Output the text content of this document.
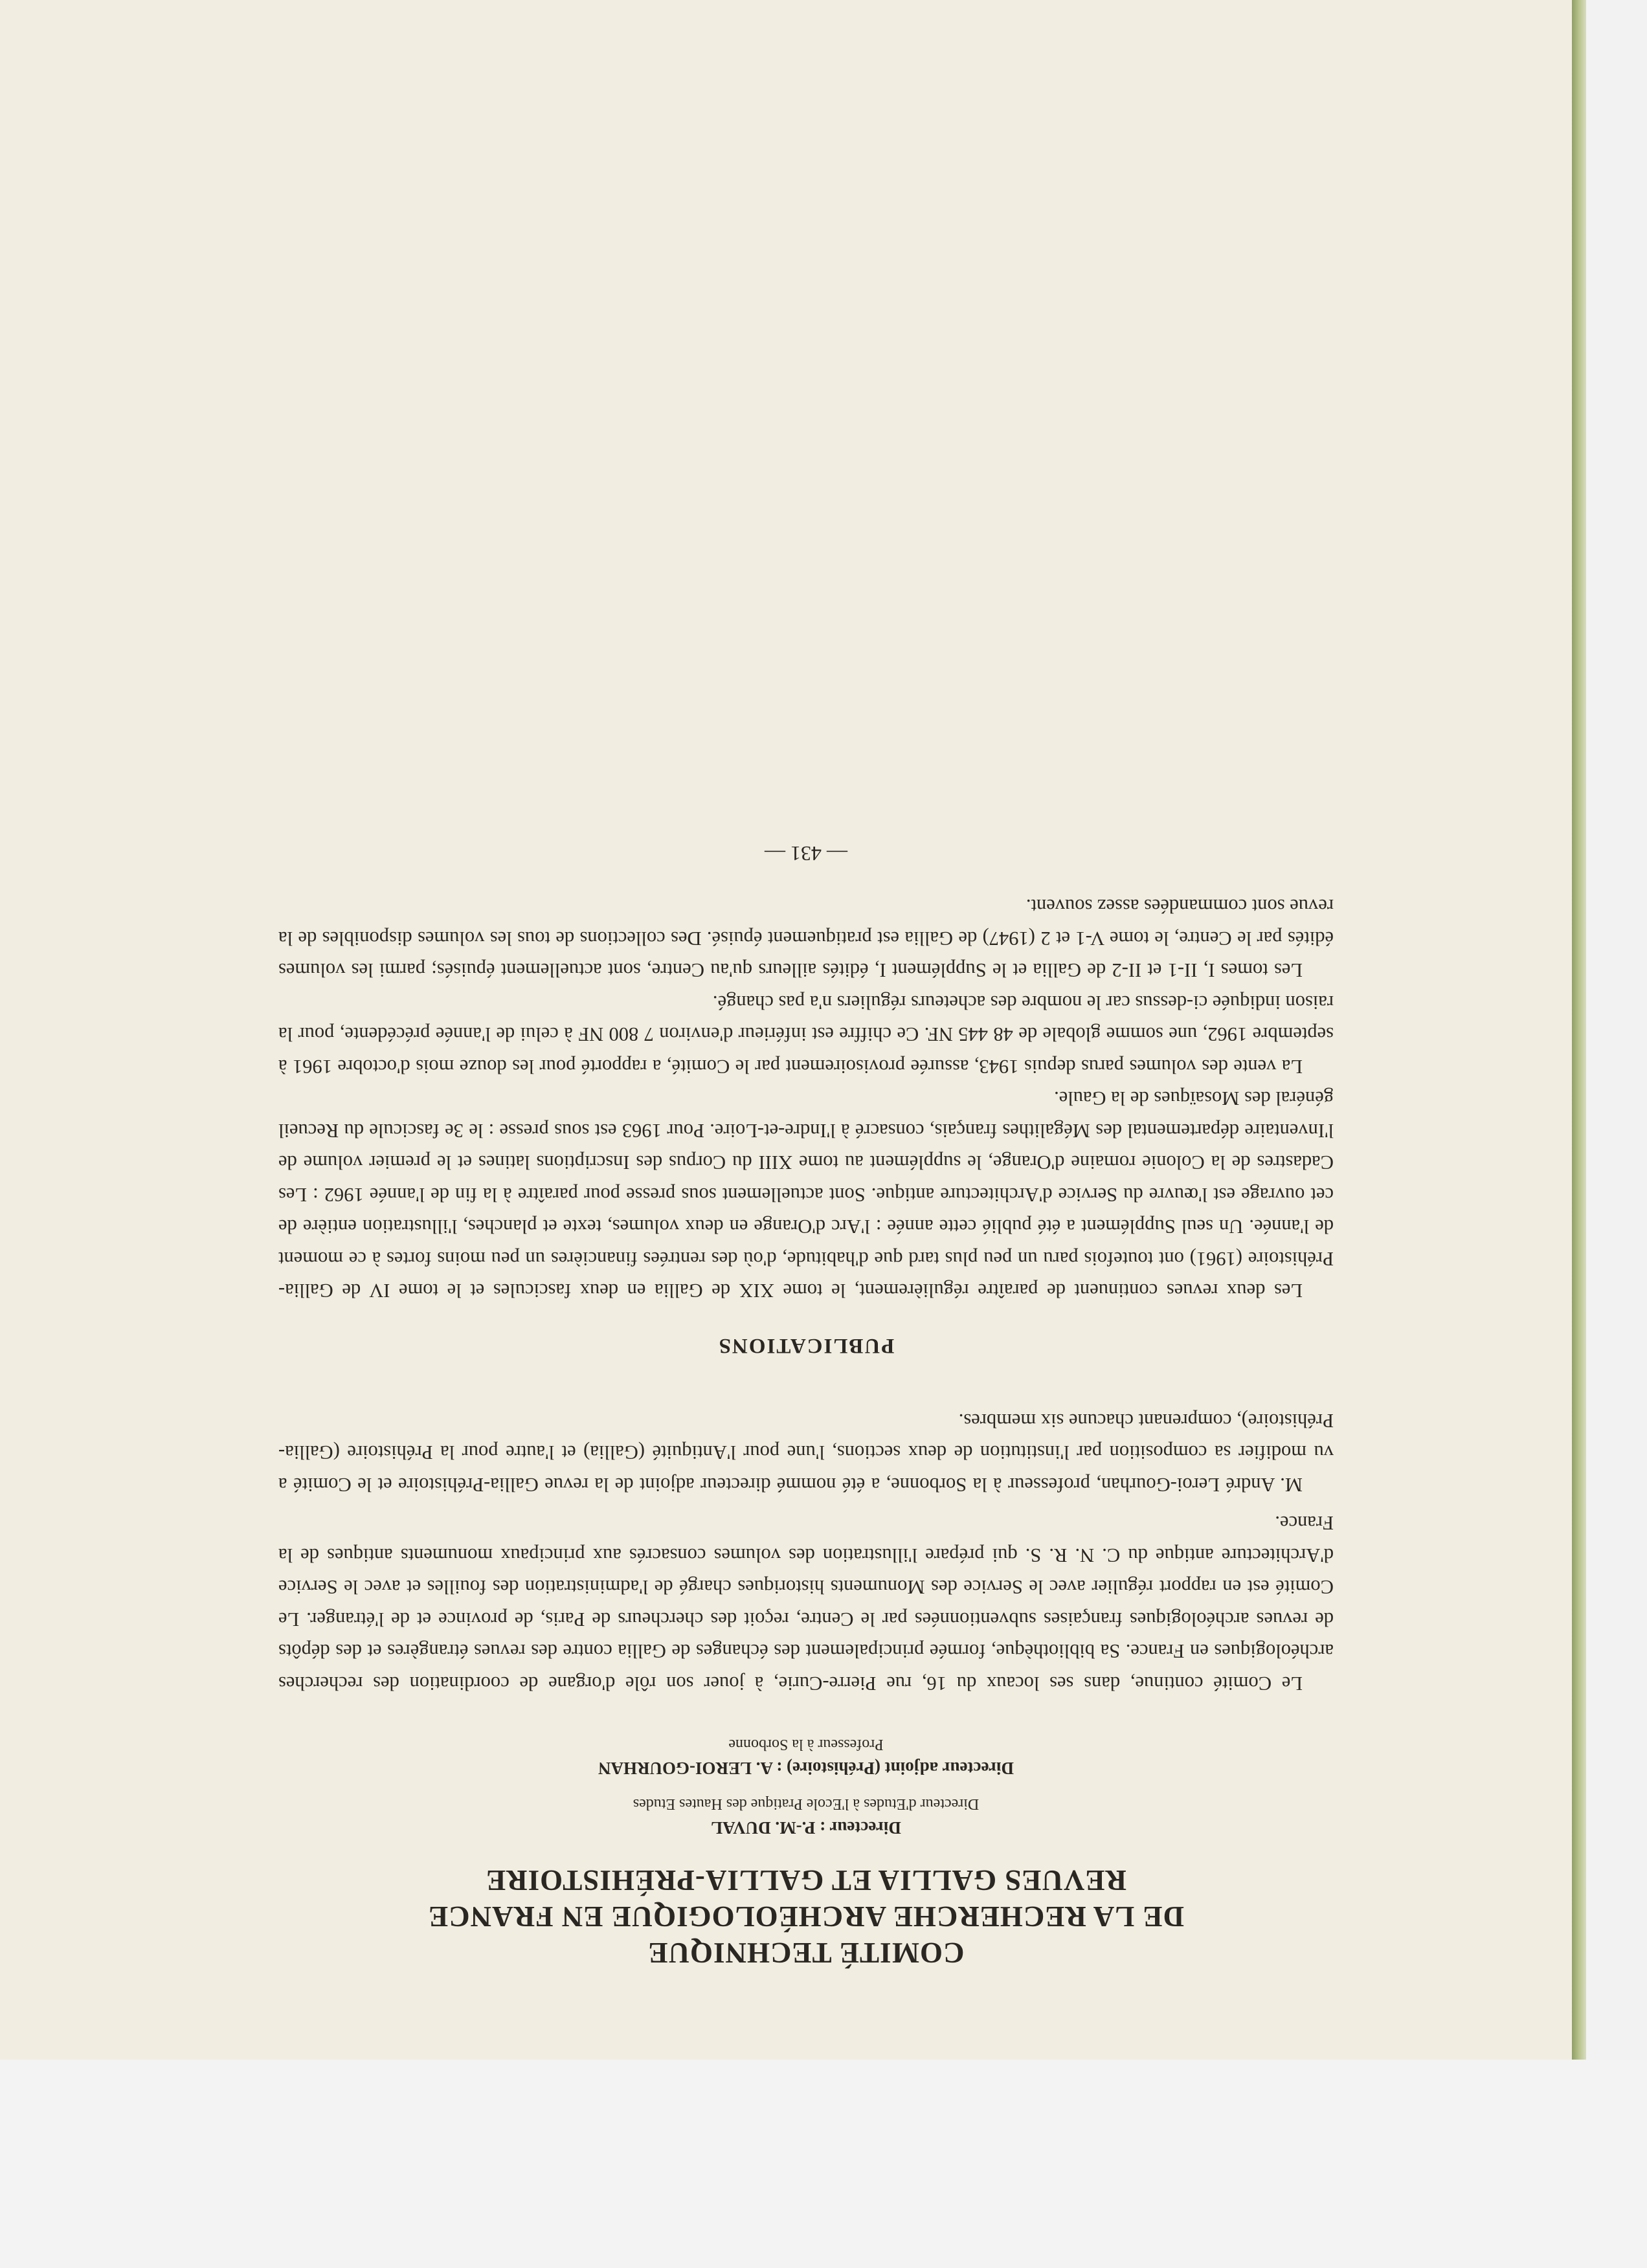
COMITÉ TECHNIQUE
DE LA RECHERCHE ARCHÉOLOGIQUE EN FRANCE
REVUES GALLIA ET GALLIA-PRÉHISTOIRE
Directeur : P.-M. DUVAL
Directeur d'Etudes à l'Ecole Pratique des Hautes Etudes
Directeur adjoint (Préhistoire) : A. LEROI-GOURHAN
Professeur à la Sorbonne

Le Comité continue, dans ses locaux du 16, rue Pierre-Curie, à jouer son rôle d'organe de coordination des recherches archéologiques en France. Sa bibliothèque, formée principalement des échanges de Gallia contre des revues étrangères et des dépôts de revues archéologiques françaises subventionnées par le Centre, reçoit des chercheurs de Paris, de province et de l'étranger. Le Comité est en rapport régulier avec le Service des Monuments historiques chargé de l'administration des fouilles et avec le Service d'Architecture antique du C. N. R. S. qui prépare l'illustration des volumes consacrés aux principaux monuments antiques de la France.

M. André Leroi-Gourhan, professeur à la Sorbonne, a été nommé directeur adjoint de la revue Gallia-Préhistoire et le Comité a vu modifier sa composition par l'institution de deux sections, l'une pour l'Antiquité (Gallia) et l'autre pour la Préhistoire (Gallia-Préhistoire), comprenant chacune six membres.

PUBLICATIONS

Les deux revues continuent de paraître régulièrement, le tome XIX de Gallia en deux fascicules et le tome IV de Gallia-Préhistoire (1961) ont toutefois paru un peu plus tard que d'habitude, d'où des rentrées financières un peu moins fortes à ce moment de l'année. Un seul Supplément a été publié cette année : l'Arc d'Orange en deux volumes, texte et planches, l'illustration entière de cet ouvrage est l'œuvre du Service d'Architecture antique. Sont actuellement sous presse pour paraître à la fin de l'année 1962 : Les Cadastres de la Colonie romaine d'Orange, le supplément au tome XIII du Corpus des Inscriptions latines et le premier volume de l'Inventaire départemental des Mégalithes français, consacré à l'Indre-et-Loire. Pour 1963 est sous presse : le 3e fascicule du Recueil général des Mosaïques de la Gaule.

La vente des volumes parus depuis 1943, assurée provisoirement par le Comité, a rapporté pour les douze mois d'octobre 1961 à septembre 1962, une somme globale de 48 445 NF. Ce chiffre est inférieur d'environ 7 800 NF à celui de l'année précédente, pour la raison indiquée ci-dessus car le nombre des acheteurs réguliers n'a pas changé.

Les tomes I, II-1 et II-2 de Gallia et le Supplément I, édités ailleurs qu'au Centre, sont actuellement épuisés; parmi les volumes édités par le Centre, le tome V-1 et 2 (1947) de Gallia est pratiquement épuisé. Des collections de tous les volumes disponibles de la revue sont commandées assez souvent.

— 431 —
